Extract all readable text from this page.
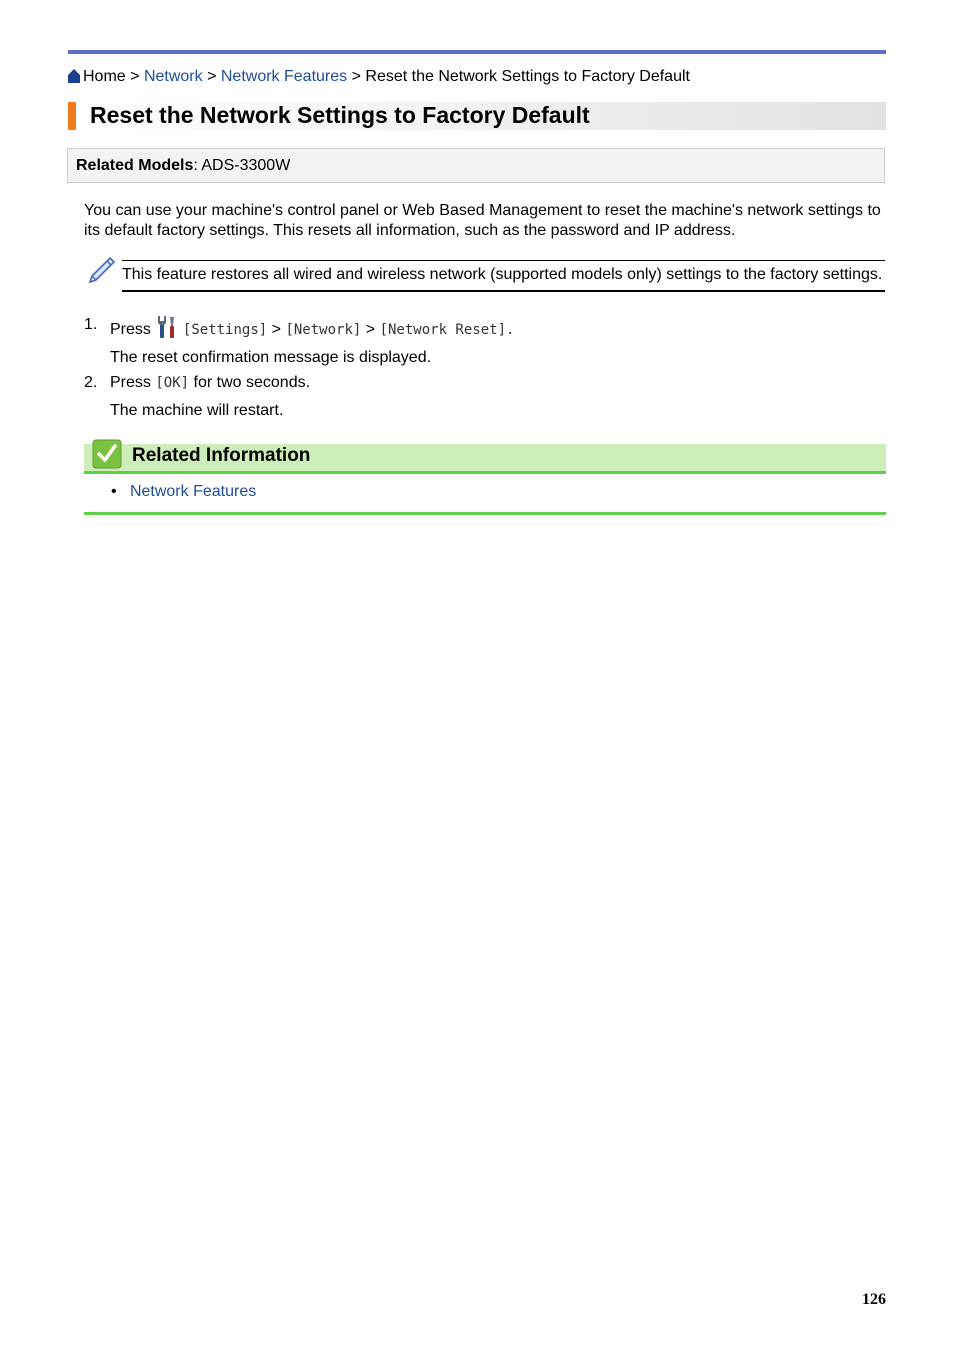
Home > Network > Network Features > Reset the Network Settings to Factory Default
Reset the Network Settings to Factory Default
Related Models: ADS-3300W
You can use your machine's control panel or Web Based Management to reset the machine's network settings to its default factory settings. This resets all information, such as the password and IP address.
This feature restores all wired and wireless network (supported models only) settings to the factory settings.
1. Press [Settings] > [Network] > [Network Reset].
The reset confirmation message is displayed.
2. Press [OK] for two seconds.
The machine will restart.
Related Information
• Network Features
126
